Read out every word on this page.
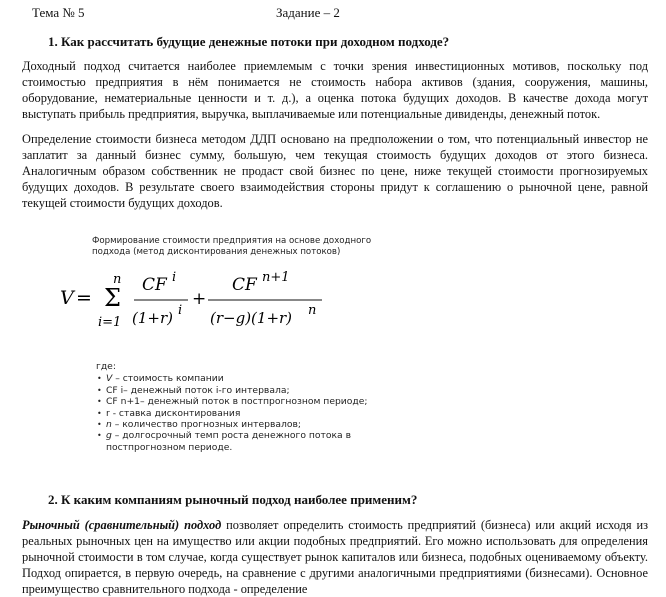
Тема № 5	Задание – 2
1. Как рассчитать будущие денежные потоки при доходном подходе?
Доходный подход считается наиболее приемлемым с точки зрения инвестиционных мотивов, поскольку под стоимостью предприятия в нём понимается не стоимость набора активов (здания, сооружения, машины, оборудование, нематериальные ценности и т. д.), а оценка потока будущих доходов. В качестве дохода могут выступать прибыль предприятия, выручка, выплачиваемые или потенциальные дивиденды, денежный поток.
Определение стоимости бизнеса методом ДДП основано на предположении о том, что потенциальный инвестор не заплатит за данный бизнес сумму, большую, чем текущая стоимость будущих доходов от этого бизнеса. Аналогичным образом собственник не продаст свой бизнес по цене, ниже текущей стоимости прогнозируемых будущих доходов. В результате своего взаимодействия стороны придут к соглашению о рыночной цене, равной текущей стоимости будущих доходов.
Формирование стоимости предприятия на основе доходного
подхода (метод дисконтирования денежных потоков)
V =
n
Σ
i=1
CF i
(1+r) i
+
CF n+1
(r−g)(1+r) n
где:
• V – стоимость компании
• CF i– денежный поток i-го интервала;
• CF n+1– денежный поток в постпрогнозном периоде;
• r - ставка дисконтирования
• n – количество прогнозных интервалов;
• g – долгосрочный темп роста денежного потока в постпрогнозном периоде.
2. К каким компаниям рыночный подход наиболее применим?
Рыночный (сравнительный) подход позволяет определить стоимость предприятий (бизнеса) или акций исходя из реальных рыночных цен на имущество или акции подобных предприятий. Его можно использовать для определения рыночной стоимости в том случае, когда существует рынок капиталов или бизнеса, подобных оцениваемому объекту. Подход опирается, в первую очередь, на сравнение с другими аналогичными предприятиями (бизнесами). Основное преимущество сравнительного подхода - определение
